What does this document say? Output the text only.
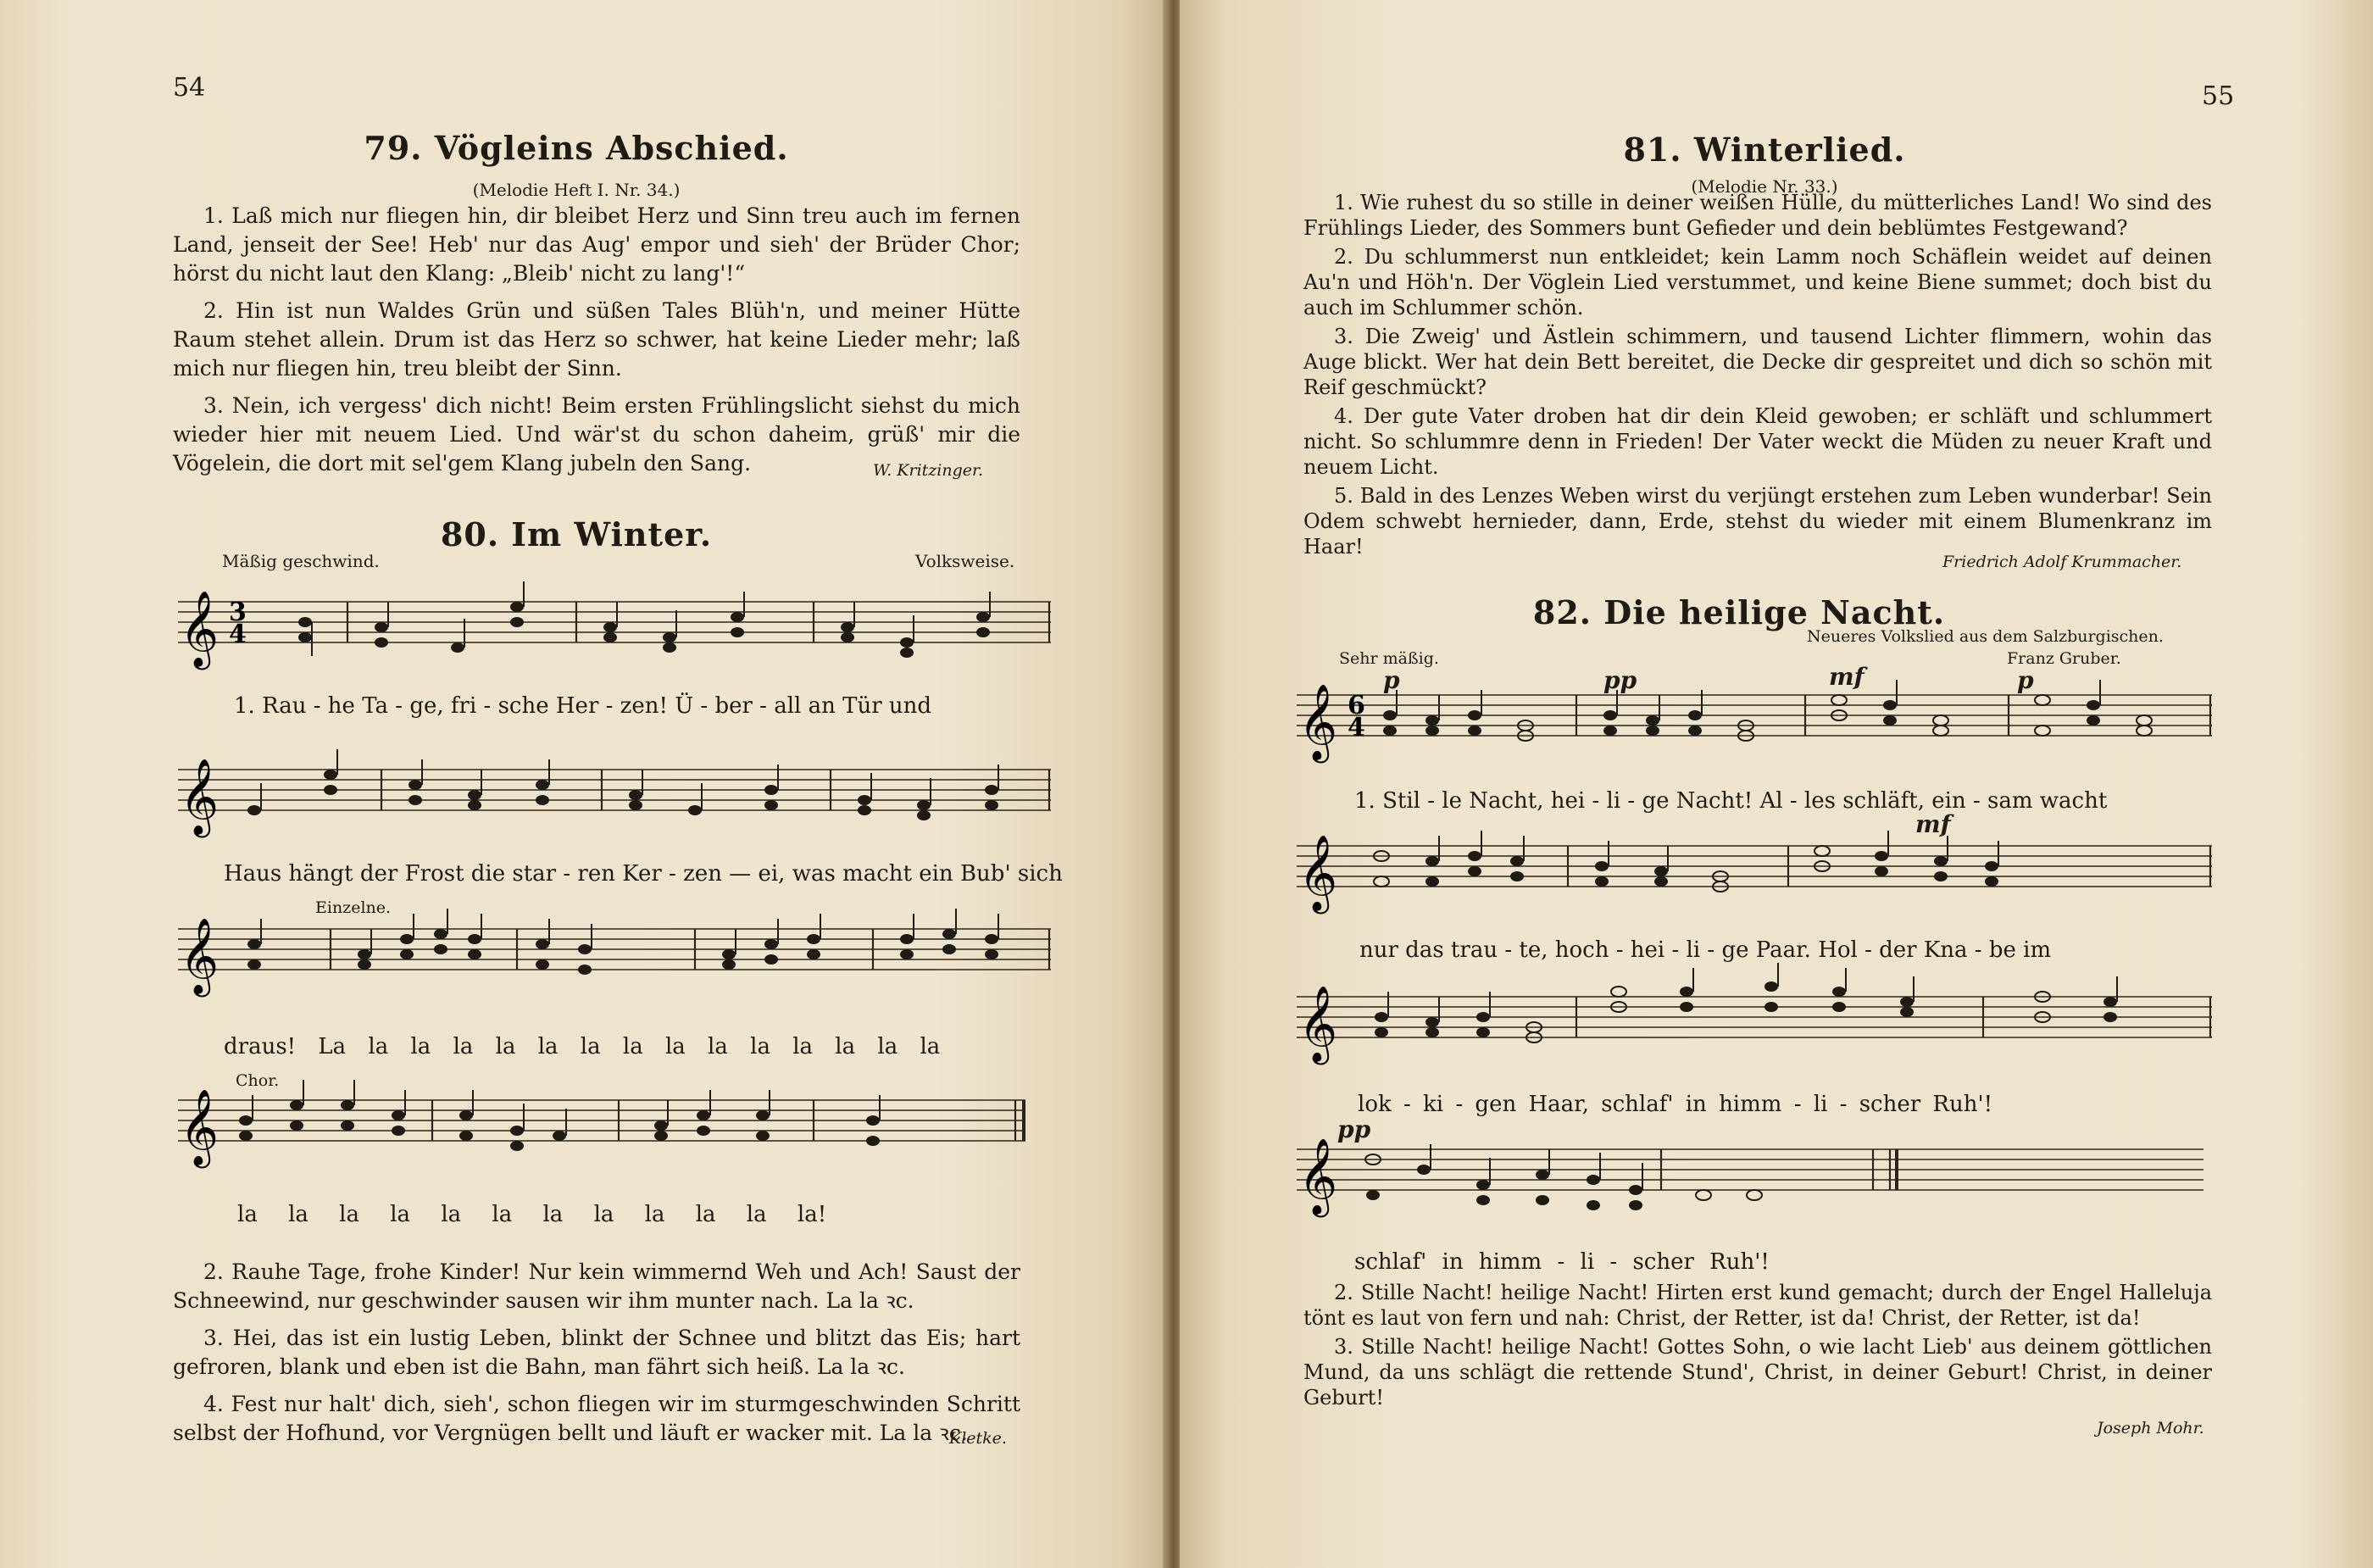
54
79. Vögleins Abschied.
(Melodie Heft I. Nr. 34.)

1. Laß mich nur fliegen hin, dir bleibet Herz und Sinn treu auch im fernen Land, jenseit der See! Heb' nur das Aug' empor und sieh' der Brüder Chor; hörst du nicht laut den Klang: „Bleib' nicht zu lang'!“

2. Hin ist nun Waldes Grün und süßen Tales Blüh'n, und meiner Hütte Raum stehet allein. Drum ist das Herz so schwer, hat keine Lieder mehr; laß mich nur fliegen hin, treu bleibt der Sinn.

3. Nein, ich vergess' dich nicht! Beim ersten Frühlingslicht siehst du mich wieder hier mit neuem Lied. Und wär'st du schon daheim, grüß' mir die Vögelein, die dort mit sel'gem Klang jubeln den Sang.	W. Kritzinger.
80. Im Winter.
Mäßig geschwind.	Volksweise.
𝄞 3
4
1. Rau - he Ta - ge, fri - sche Her - zen! Ü - ber - all an Tür und
𝄞
Haus hängt der Frost die star - ren Ker - zen — ei, was macht ein Bub' sich
Einzelne.
𝄞
draus! La la la la la la la la la la la la la la la
Chor.
𝄞
la la la la la la la la la la la la!

2. Rauhe Tage, frohe Kinder! Nur kein wimmernd Weh und Ach! Saust der Schneewind, nur geschwinder sausen wir ihm munter nach. La la ꝛc.

3. Hei, das ist ein lustig Leben, blinkt der Schnee und blitzt das Eis; hart gefroren, blank und eben ist die Bahn, man fährt sich heiß. La la ꝛc.

4. Fest nur halt' dich, sieh', schon fliegen wir im sturmgeschwinden Schritt selbst der Hofhund, vor Vergnügen bellt und läuft er wacker mit. La la ꝛc.

Kletke.
55
81. Winterlied.
(Melodie Nr. 33.)

1. Wie ruhest du so stille in deiner weißen Hülle, du mütterliches Land! Wo sind des Frühlings Lieder, des Sommers bunt Gefieder und dein beblümtes Festgewand?

2. Du schlummerst nun entkleidet; kein Lamm noch Schäflein weidet auf deinen Au'n und Höh'n. Der Vöglein Lied verstummet, und keine Biene summet; doch bist du auch im Schlummer schön.

3. Die Zweig' und Ästlein schimmern, und tausend Lichter flimmern, wohin das Auge blickt. Wer hat dein Bett bereitet, die Decke dir gespreitet und dich so schön mit Reif geschmückt?

4. Der gute Vater droben hat dir dein Kleid gewoben; er schläft und schlummert nicht. So schlummre denn in Frieden! Der Vater weckt die Müden zu neuer Kraft und neuem Licht.

5. Bald in des Lenzes Weben wirst du verjüngt erstehen zum Leben wunderbar! Sein Odem schwebt hernieder, dann, Erde, stehst du wieder mit einem Blumenkranz im Haar!

Friedrich Adolf Krummacher.
82. Die heilige Nacht.
Neueres Volkslied aus dem Salzburgischen.
Franz Gruber.
Sehr mäßig.
p	pp	mf	p
𝄞 6
4
1. Stil - le Nacht, hei - li - ge Nacht! Al - les schläft, ein - sam wacht
mf
𝄞
nur das trau - te, hoch - hei - li - ge Paar. Hol - der Kna - be im
𝄞
lok - ki - gen Haar, schlaf' in himm - li - scher Ruh'!
pp
𝄞
schlaf' in himm - li - scher Ruh'!

2. Stille Nacht! heilige Nacht! Hirten erst kund gemacht; durch der Engel Halleluja tönt es laut von fern und nah: Christ, der Retter, ist da! Christ, der Retter, ist da!

3. Stille Nacht! heilige Nacht! Gottes Sohn, o wie lacht Lieb' aus deinem göttlichen Mund, da uns schlägt die rettende Stund', Christ, in deiner Geburt! Christ, in deiner Geburt!

Joseph Mohr.
